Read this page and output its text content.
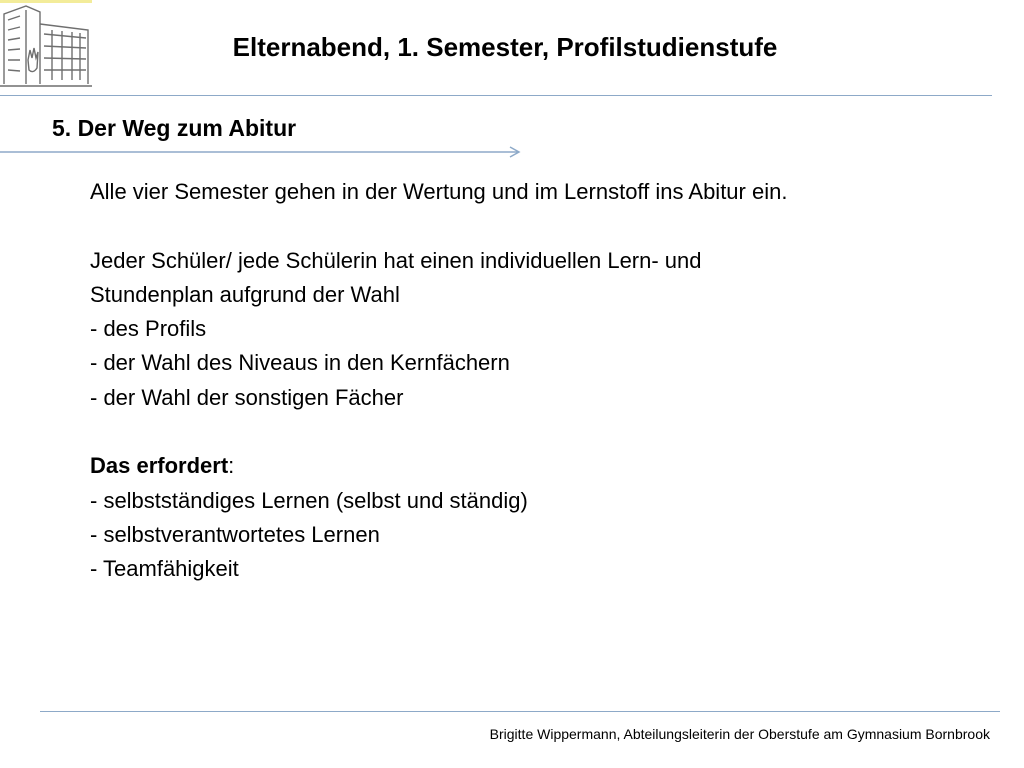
Elternabend, 1. Semester, Profilstudienstufe
5. Der Weg zum Abitur
Alle vier Semester gehen in der Wertung und im Lernstoff ins Abitur ein.
Jeder Schüler/ jede Schülerin hat einen individuellen Lern- und
Stundenplan aufgrund der Wahl
- des Profils
- der Wahl des Niveaus in den Kernfächern
- der Wahl der sonstigen Fächer
Das erfordert:
- selbstständiges Lernen (selbst und ständig)
- selbstverantwortetes Lernen
- Teamfähigkeit
Brigitte Wippermann, Abteilungsleiterin der Oberstufe am Gymnasium Bornbrook
